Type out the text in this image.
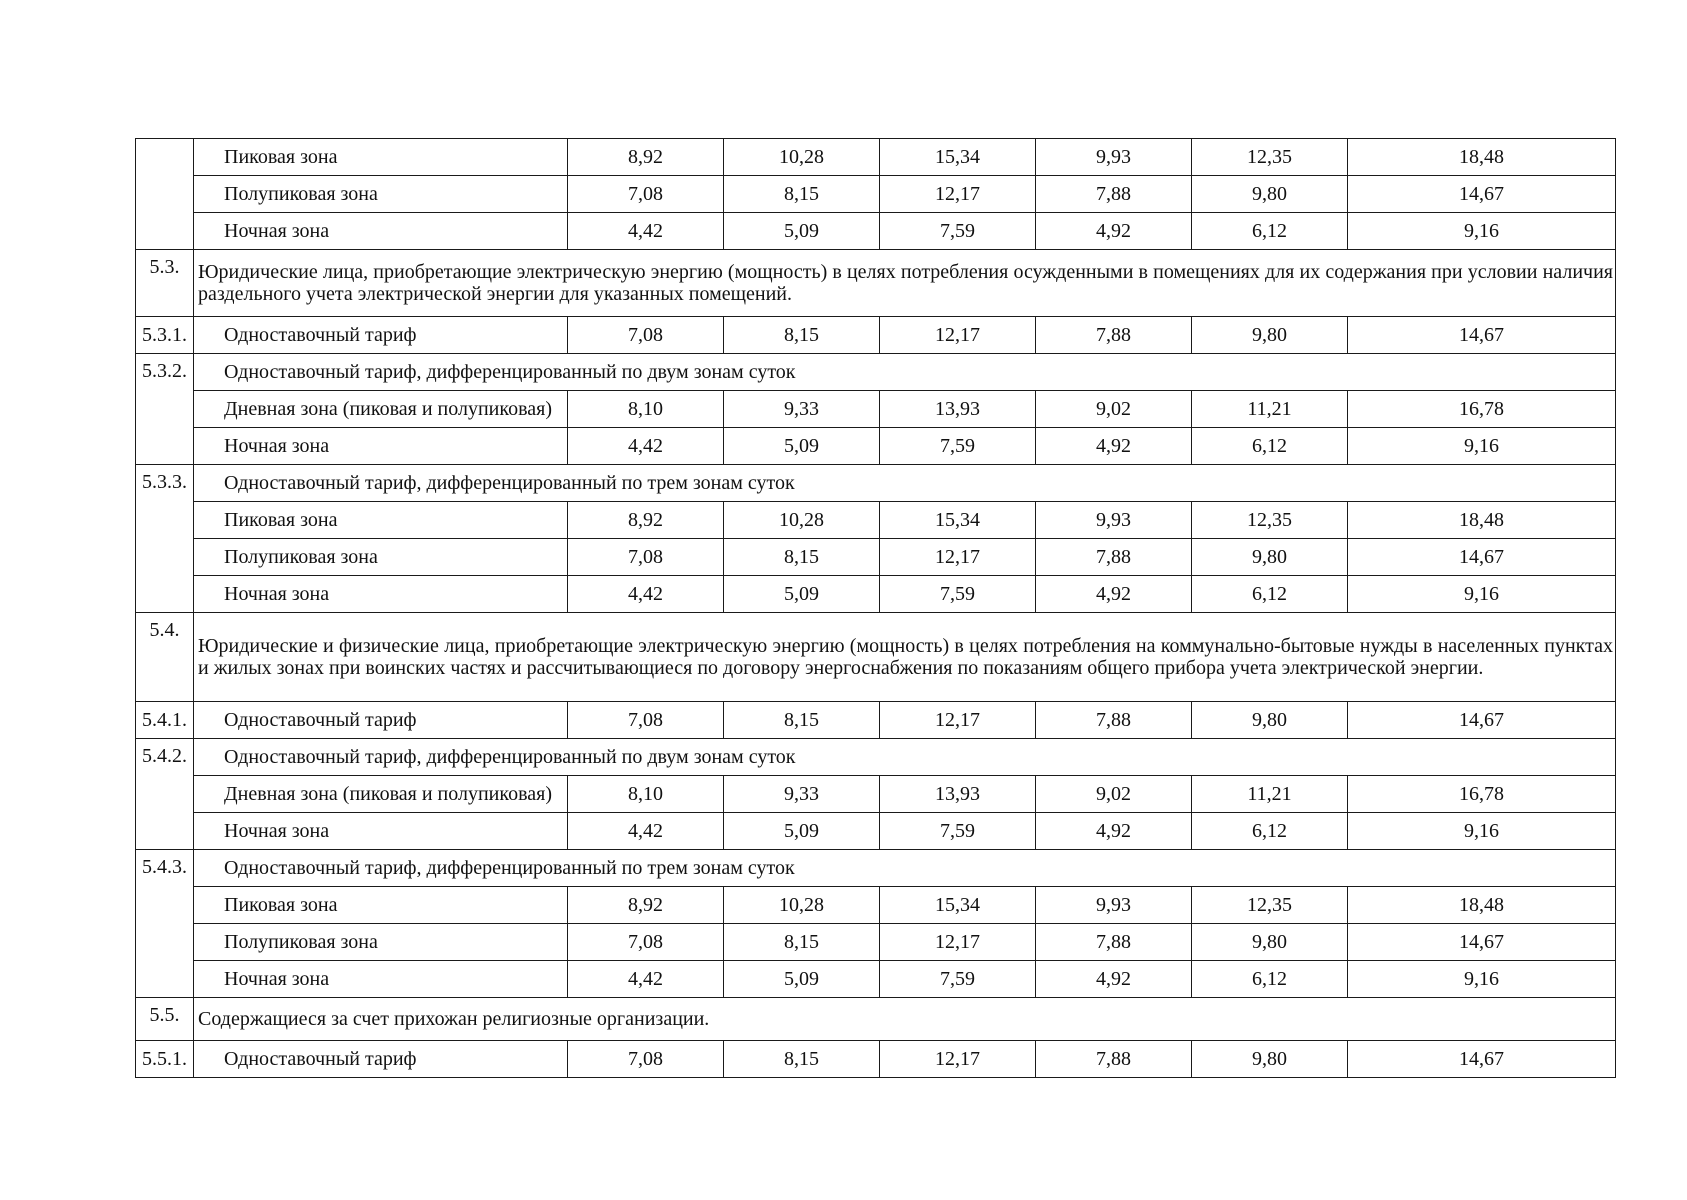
	Пиковая зона	8,92	10,28	15,34	9,93	12,35	18,48
	Полупиковая зона	7,08	8,15	12,17	7,88	9,80	14,67
	Ночная зона	4,42	5,09	7,59	4,92	6,12	9,16
5.3.	Юридические лица, приобретающие электрическую энергию (мощность) в целях потребления осужденными в помещениях для их содержания при условии наличия раздельного учета электрической энергии для указанных помещений.						
5.3.1.	Одноставочный тариф	7,08	8,15	12,17	7,88	9,80	14,67
5.3.2.	Одноставочный тариф, дифференцированный по двум зонам суток						
	Дневная зона (пиковая и полупиковая)	8,10	9,33	13,93	9,02	11,21	16,78
	Ночная зона	4,42	5,09	7,59	4,92	6,12	9,16
5.3.3.	Одноставочный тариф, дифференцированный по трем зонам суток						
	Пиковая зона	8,92	10,28	15,34	9,93	12,35	18,48
	Полупиковая зона	7,08	8,15	12,17	7,88	9,80	14,67
	Ночная зона	4,42	5,09	7,59	4,92	6,12	9,16
5.4.	Юридические и физические лица, приобретающие электрическую энергию (мощность) в целях потребления на коммунально-бытовые нужды в населенных пунктах и жилых зонах при воинских частях и рассчитывающиеся по договору энергоснабжения по показаниям общего прибора учета электрической энергии.						
5.4.1.	Одноставочный тариф	7,08	8,15	12,17	7,88	9,80	14,67
5.4.2.	Одноставочный тариф, дифференцированный по двум зонам суток						
	Дневная зона (пиковая и полупиковая)	8,10	9,33	13,93	9,02	11,21	16,78
	Ночная зона	4,42	5,09	7,59	4,92	6,12	9,16
5.4.3.	Одноставочный тариф, дифференцированный по трем зонам суток						
	Пиковая зона	8,92	10,28	15,34	9,93	12,35	18,48
	Полупиковая зона	7,08	8,15	12,17	7,88	9,80	14,67
	Ночная зона	4,42	5,09	7,59	4,92	6,12	9,16
5.5.	Содержащиеся за счет прихожан религиозные организации.						
5.5.1.	Одноставочный тариф	7,08	8,15	12,17	7,88	9,80	14,67
